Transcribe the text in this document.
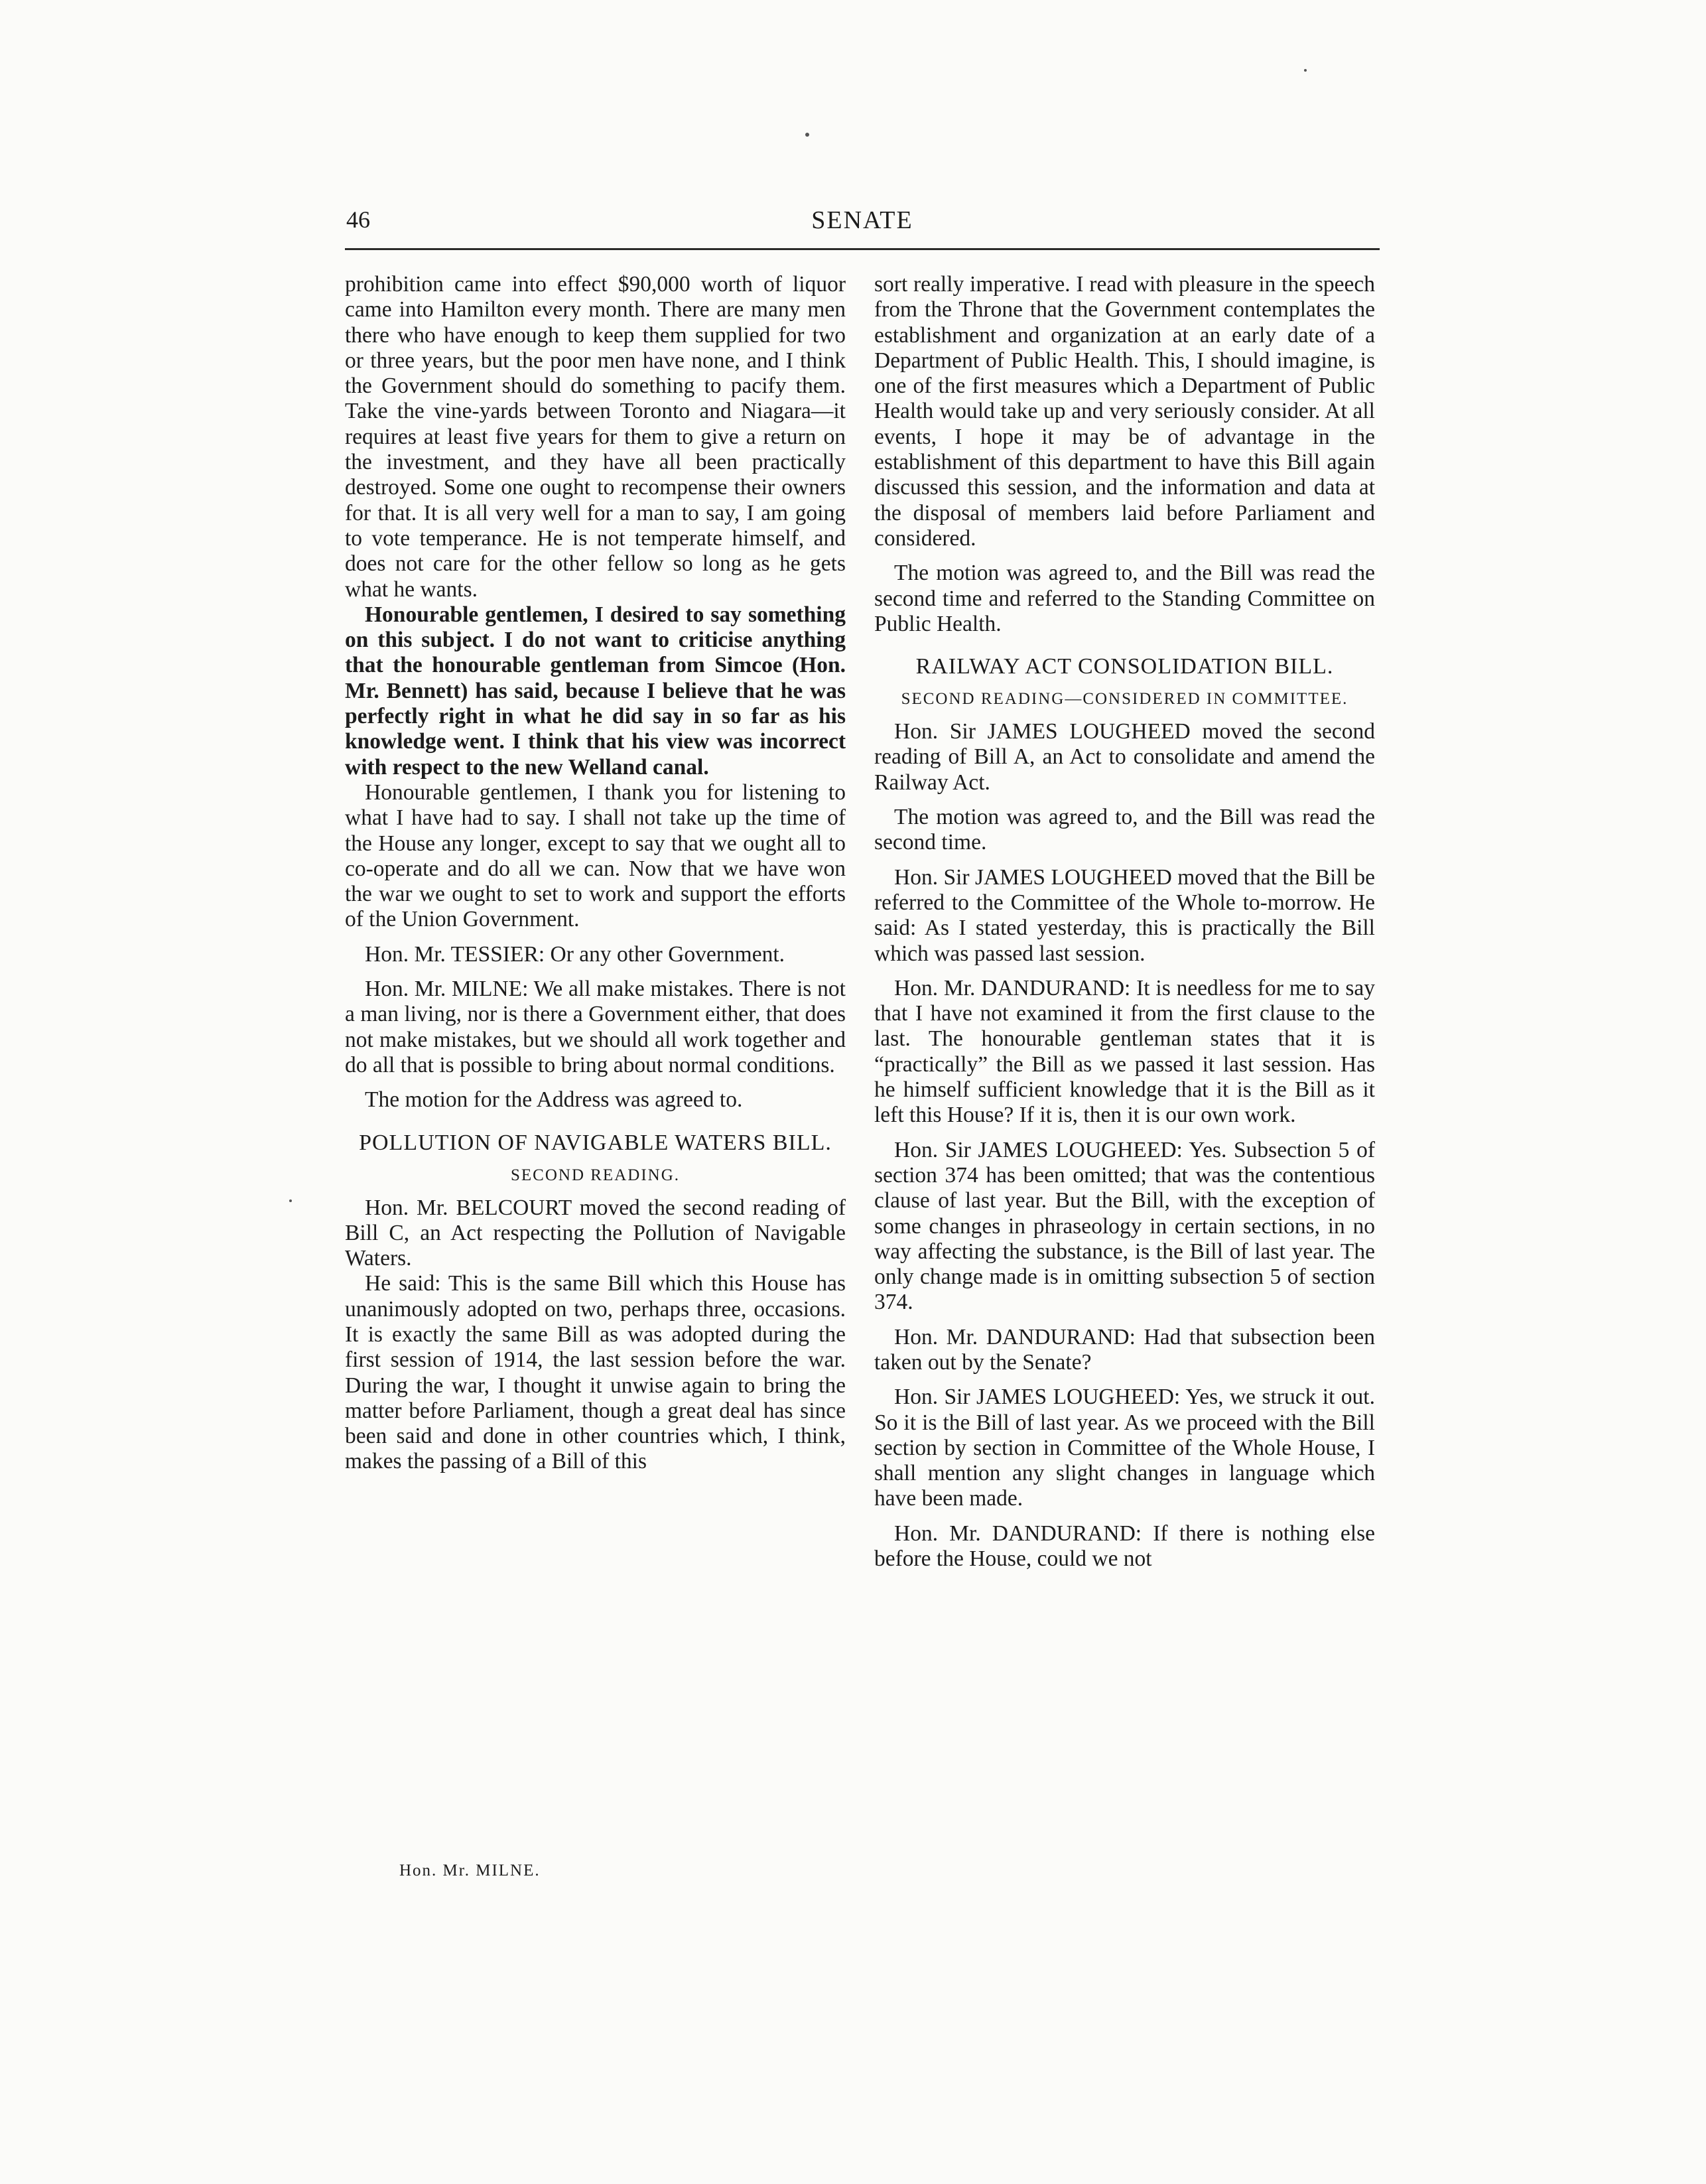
46	SENATE

prohibition came into effect $90,000 worth of liquor came into Hamilton every month. There are many men there who have enough to keep them supplied for two or three years, but the poor men have none, and I think the Government should do something to pacify them. Take the vine-yards between Toronto and Niagara—it requires at least five years for them to give a return on the investment, and they have all been practically destroyed. Some one ought to recompense their owners for that. It is all very well for a man to say, I am going to vote temperance. He is not temperate himself, and does not care for the other fellow so long as he gets what he wants.

Honourable gentlemen, I desired to say something on this subject. I do not want to criticise anything that the honourable gentleman from Simcoe (Hon. Mr. Bennett) has said, because I believe that he was perfectly right in what he did say in so far as his knowledge went. I think that his view was incorrect with respect to the new Welland canal.

Honourable gentlemen, I thank you for listening to what I have had to say. I shall not take up the time of the House any longer, except to say that we ought all to co-operate and do all we can. Now that we have won the war we ought to set to work and support the efforts of the Union Government.

Hon. Mr. TESSIER: Or any other Government.

Hon. Mr. MILNE: We all make mistakes. There is not a man living, nor is there a Government either, that does not make mistakes, but we should all work together and do all that is possible to bring about normal conditions.

The motion for the Address was agreed to.

POLLUTION OF NAVIGABLE WATERS BILL.
SECOND READING.

Hon. Mr. BELCOURT moved the second reading of Bill C, an Act respecting the Pollution of Navigable Waters.

He said: This is the same Bill which this House has unanimously adopted on two, perhaps three, occasions. It is exactly the same Bill as was adopted during the first session of 1914, the last session before the war. During the war, I thought it unwise again to bring the matter before Parliament, though a great deal has since been said and done in other countries which, I think, makes the passing of a Bill of this

sort really imperative. I read with pleasure in the speech from the Throne that the Government contemplates the establishment and organization at an early date of a Department of Public Health. This, I should imagine, is one of the first measures which a Department of Public Health would take up and very seriously consider. At all events, I hope it may be of advantage in the establishment of this department to have this Bill again discussed this session, and the information and data at the disposal of members laid before Parliament and considered.

The motion was agreed to, and the Bill was read the second time and referred to the Standing Committee on Public Health.

RAILWAY ACT CONSOLIDATION BILL.
SECOND READING—CONSIDERED IN COMMITTEE.

Hon. Sir JAMES LOUGHEED moved the second reading of Bill A, an Act to consolidate and amend the Railway Act.

The motion was agreed to, and the Bill was read the second time.

Hon. Sir JAMES LOUGHEED moved that the Bill be referred to the Committee of the Whole to-morrow. He said: As I stated yesterday, this is practically the Bill which was passed last session.

Hon. Mr. DANDURAND: It is needless for me to say that I have not examined it from the first clause to the last. The honourable gentleman states that it is “practically” the Bill as we passed it last session. Has he himself sufficient knowledge that it is the Bill as it left this House? If it is, then it is our own work.

Hon. Sir JAMES LOUGHEED: Yes. Subsection 5 of section 374 has been omitted; that was the contentious clause of last year. But the Bill, with the exception of some changes in phraseology in certain sections, in no way affecting the substance, is the Bill of last year. The only change made is in omitting subsection 5 of section 374.

Hon. Mr. DANDURAND: Had that subsection been taken out by the Senate?

Hon. Sir JAMES LOUGHEED: Yes, we struck it out. So it is the Bill of last year. As we proceed with the Bill section by section in Committee of the Whole House, I shall mention any slight changes in language which have been made.

Hon. Mr. DANDURAND: If there is nothing else before the House, could we not

Hon. Mr. MILNE.
